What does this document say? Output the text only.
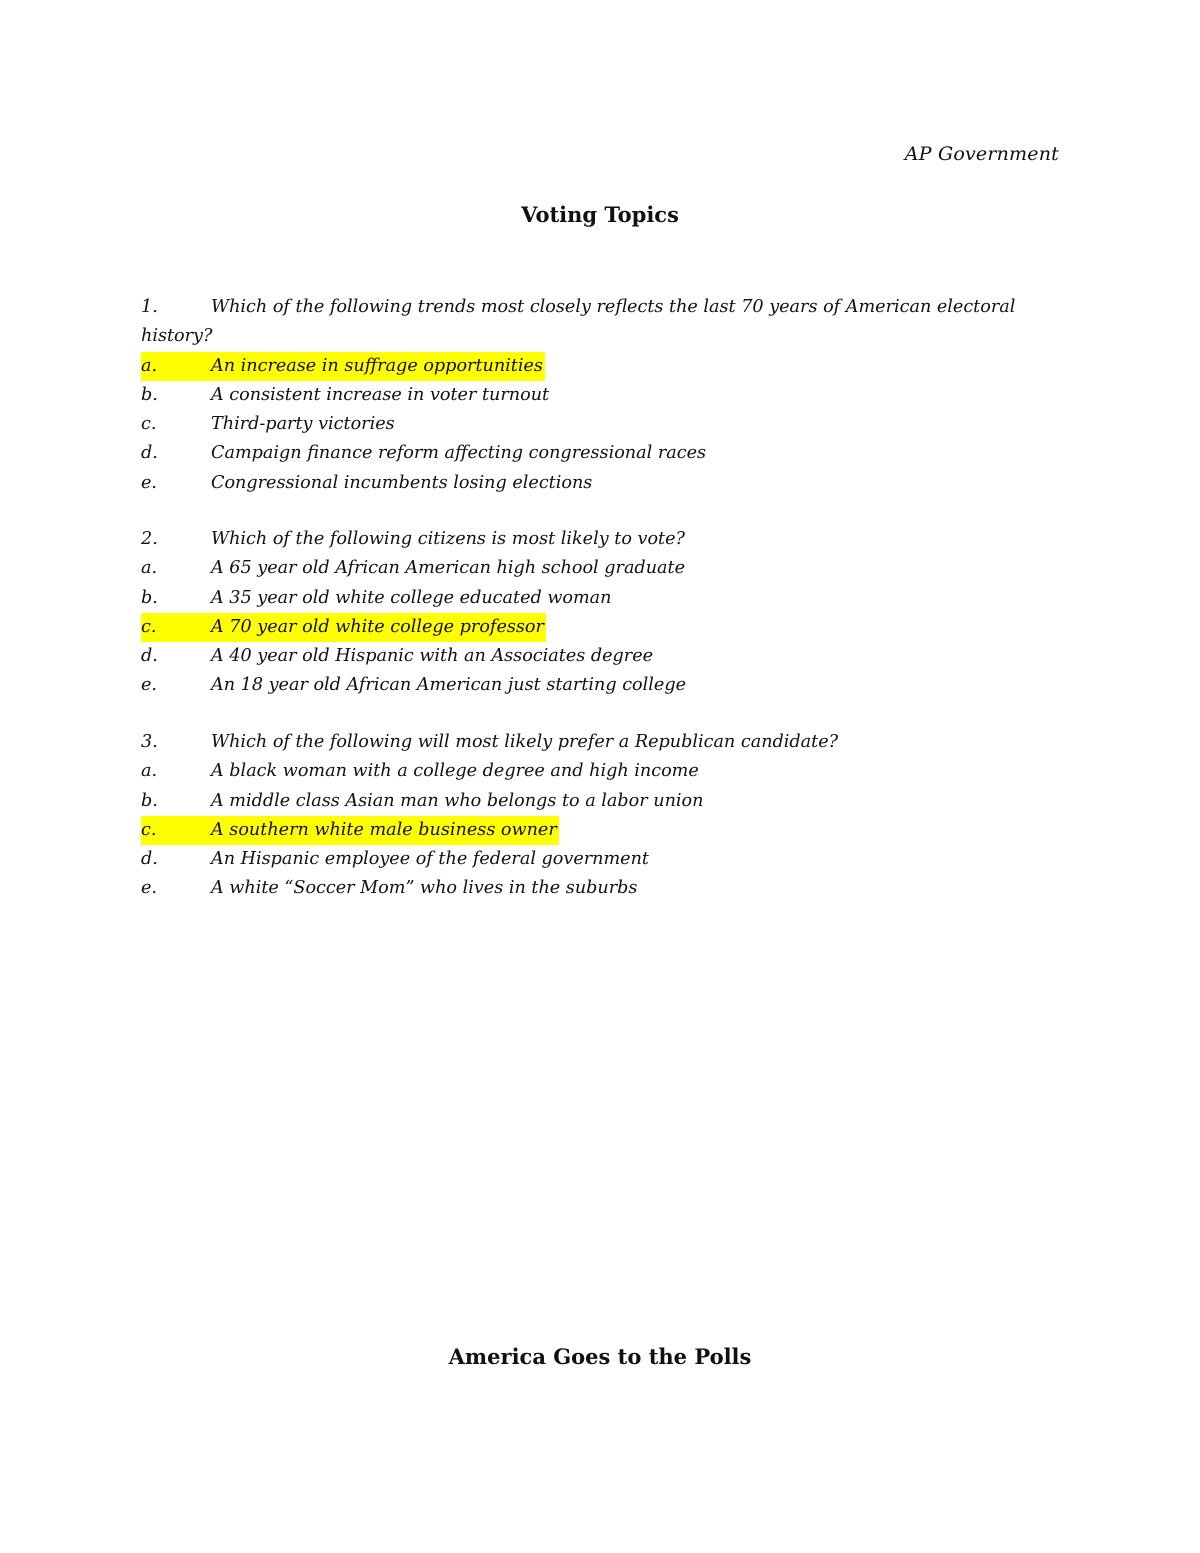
AP Government
Voting Topics
1.	Which of the following trends most closely reflects the last 70 years of American electoral history?
a.	An increase in suffrage opportunities
b.	A consistent increase in voter turnout
c.	Third-party victories
d.	Campaign finance reform affecting congressional races
e.	Congressional incumbents losing elections
2.	Which of the following citizens is most likely to vote?
a.	A 65 year old African American high school graduate
b.	A 35 year old white college educated woman
c.	A 70 year old white college professor
d.	A 40 year old Hispanic with an Associates degree
e.	An 18 year old African American just starting college
3.	Which of the following will most likely prefer a Republican candidate?
a.	A black woman with a college degree and high income
b.	A middle class Asian man who belongs to a labor union
c.	A southern white male business owner
d.	An Hispanic employee of the federal government
e.	A white “Soccer Mom” who lives in the suburbs
America Goes to the Polls
